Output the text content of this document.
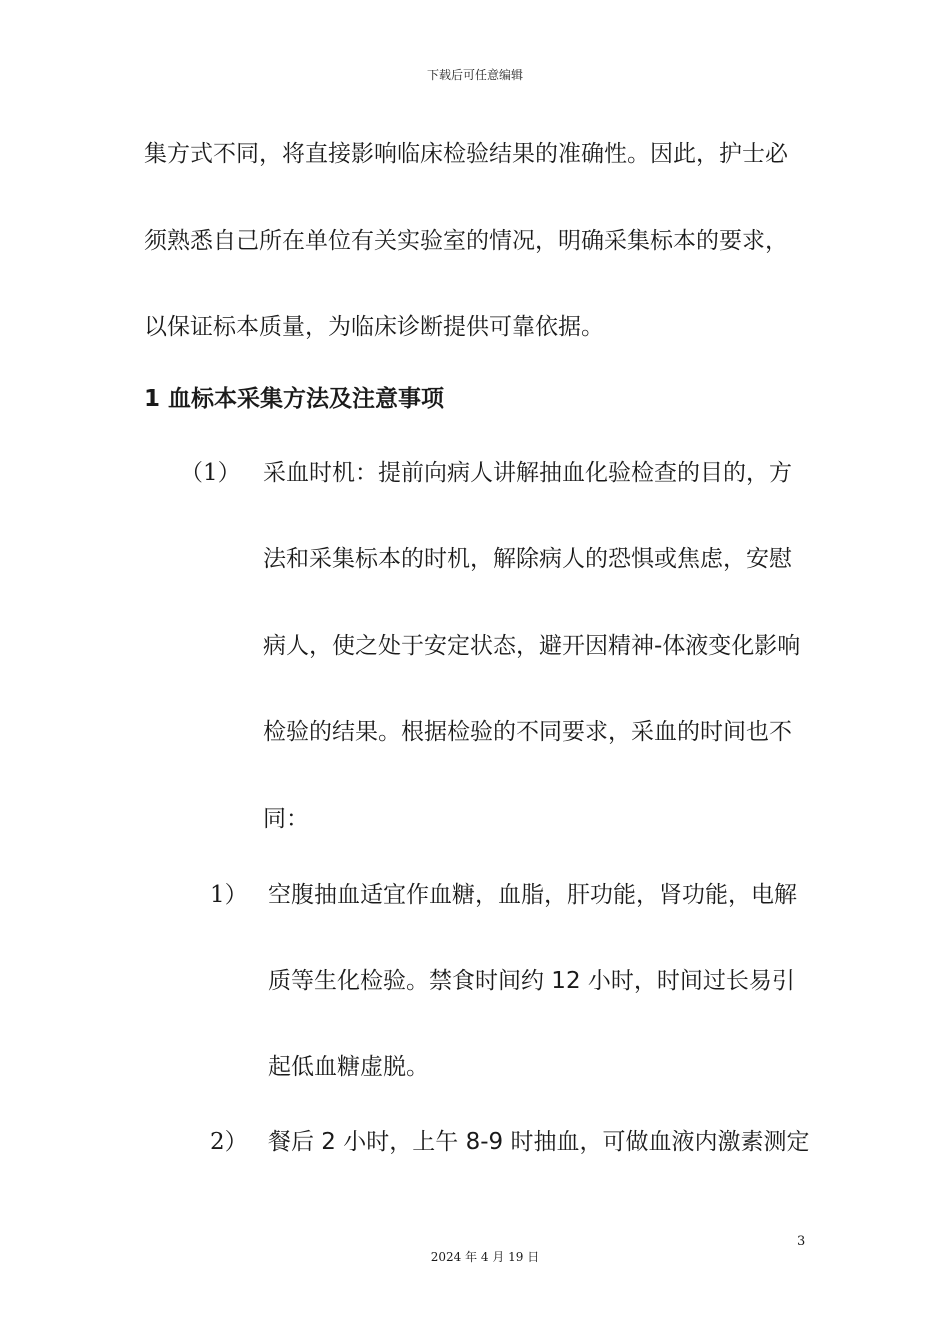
下载后可任意编辑
集方式不同，将直接影响临床检验结果的准确性。因此，护士必
须熟悉自己所在单位有关实验室的情况，明确采集标本的要求，
以保证标本质量，为临床诊断提供可靠依据。
1 血标本采集方法及注意事项
（1） 采血时机：提前向病人讲解抽血化验检查的目的，方
法和采集标本的时机，解除病人的恐惧或焦虑，安慰
病人，使之处于安定状态，避开因精神-体液变化影响
检验的结果。根据检验的不同要求，采血的时间也不
同：
1） 空腹抽血适宜作血糖，血脂，肝功能，肾功能，电解
质等生化检验。禁食时间约 12 小时，时间过长易引
起低血糖虚脱。
2） 餐后 2 小时，上午 8-9 时抽血，可做血液内激素测定
3
2024 年 4 月 19 日
